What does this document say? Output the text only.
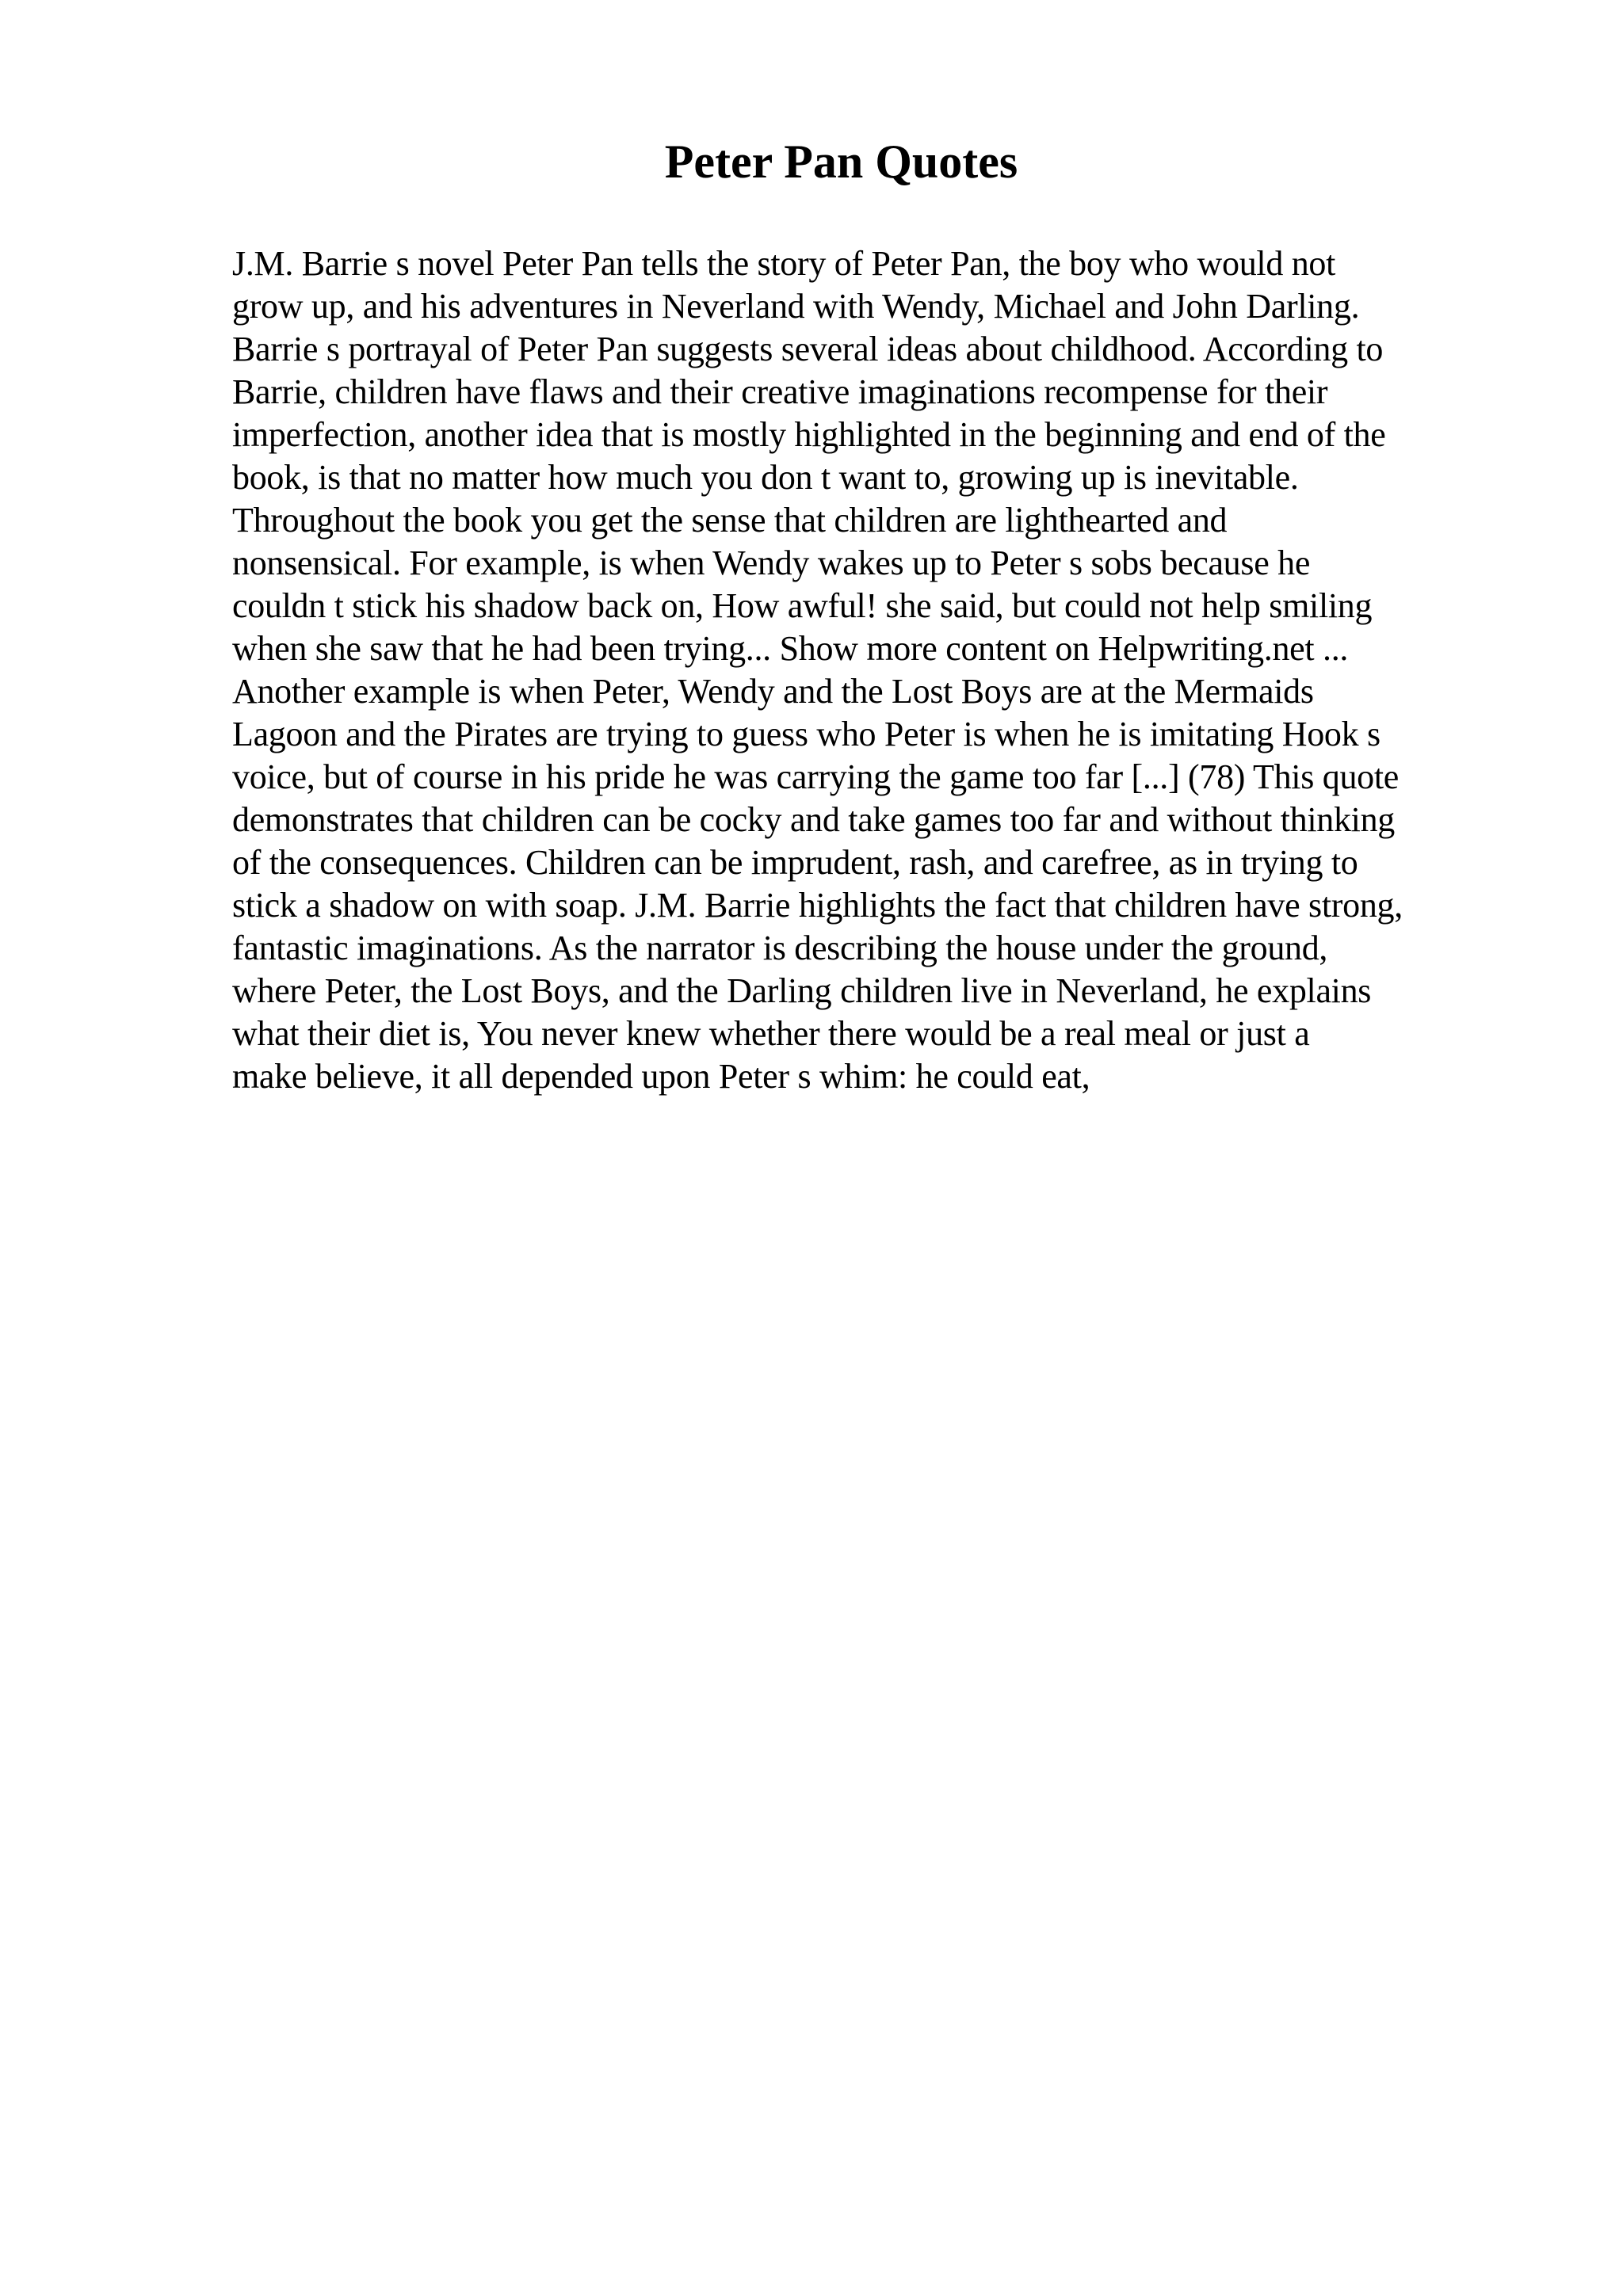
Peter Pan Quotes
J.M. Barrie s novel Peter Pan tells the story of Peter Pan, the boy who would not
grow up, and his adventures in Neverland with Wendy, Michael and John Darling.
Barrie s portrayal of Peter Pan suggests several ideas about childhood. According to
Barrie, children have flaws and their creative imaginations recompense for their
imperfection, another idea that is mostly highlighted in the beginning and end of the
book, is that no matter how much you don t want to, growing up is inevitable.
Throughout the book you get the sense that children are lighthearted and
nonsensical. For example, is when Wendy wakes up to Peter s sobs because he
couldn t stick his shadow back on, How awful! she said, but could not help smiling
when she saw that he had been trying... Show more content on Helpwriting.net ...
Another example is when Peter, Wendy and the Lost Boys are at the Mermaids
Lagoon and the Pirates are trying to guess who Peter is when he is imitating Hook s
voice, but of course in his pride he was carrying the game too far [...] (78) This quote
demonstrates that children can be cocky and take games too far and without thinking
of the consequences. Children can be imprudent, rash, and carefree, as in trying to
stick a shadow on with soap. J.M. Barrie highlights the fact that children have strong,
fantastic imaginations. As the narrator is describing the house under the ground,
where Peter, the Lost Boys, and the Darling children live in Neverland, he explains
what their diet is, You never knew whether there would be a real meal or just a
make believe, it all depended upon Peter s whim: he could eat,
